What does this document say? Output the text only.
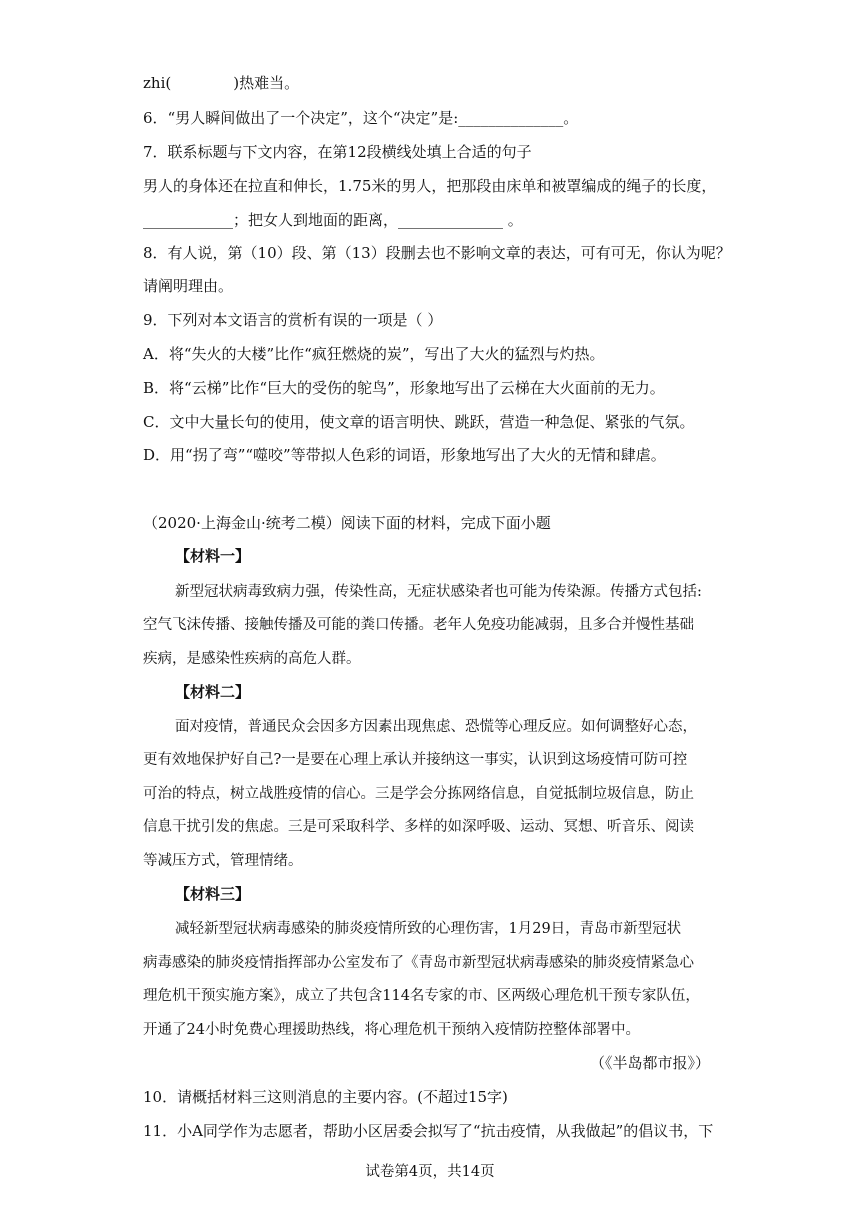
zhi(	)热难当。
6．“男人瞬间做出了一个决定”，这个“决定”是:______________。
7．联系标题与下文内容，在第12段横线处填上合适的句子
男人的身体还在拉直和伸长，1.75米的男人，把那段由床单和被罩编成的绳子的长度，
____________；把女人到地面的距离，______________ 。
8．有人说，第（10）段、第（13）段删去也不影响文章的表达，可有可无，你认为呢？
请阐明理由。
9．下列对本文语言的赏析有误的一项是（ ）
A．将“失火的大楼”比作“疯狂燃烧的炭”，写出了大火的猛烈与灼热。
B．将“云梯”比作“巨大的受伤的鸵鸟”，形象地写出了云梯在大火面前的无力。
C．文中大量长句的使用，使文章的语言明快、跳跃，营造一种急促、紧张的气氛。
D．用“拐了弯”“噬咬”等带拟人色彩的词语，形象地写出了大火的无情和肆虐。
（2020·上海金山·统考二模）阅读下面的材料，完成下面小题
【材料一】
新型冠状病毒致病力强，传染性高，无症状感染者也可能为传染源。传播方式包括:
空气飞沫传播、接触传播及可能的粪口传播。老年人免疫功能减弱，且多合并慢性基础
疾病，是感染性疾病的高危人群。
【材料二】
面对疫情，普通民众会因多方因素出现焦虑、恐慌等心理反应。如何调整好心态，
更有效地保护好自己?一是要在心理上承认并接纳这一事实，认识到这场疫情可防可控
可治的特点，树立战胜疫情的信心。三是学会分拣网络信息，自觉抵制垃圾信息，防止
信息干扰引发的焦虑。三是可采取科学、多样的如深呼吸、运动、冥想、听音乐、阅读
等减压方式，管理情绪。
【材料三】
减轻新型冠状病毒感染的肺炎疫情所致的心理伤害，1月29日，青岛市新型冠状
病毒感染的肺炎疫情指挥部办公室发布了《青岛市新型冠状病毒感染的肺炎疫情紧急心
理危机干预实施方案》，成立了共包含114名专家的市、区两级心理危机干预专家队伍，
开通了24小时免费心理援助热线，将心理危机干预纳入疫情防控整体部署中。
（《半岛都市报》）
10．请概括材料三这则消息的主要内容。(不超过15字)
11．小A同学作为志愿者，帮助小区居委会拟写了“抗击疫情，从我做起”的倡议书，下
试卷第4页，共14页
